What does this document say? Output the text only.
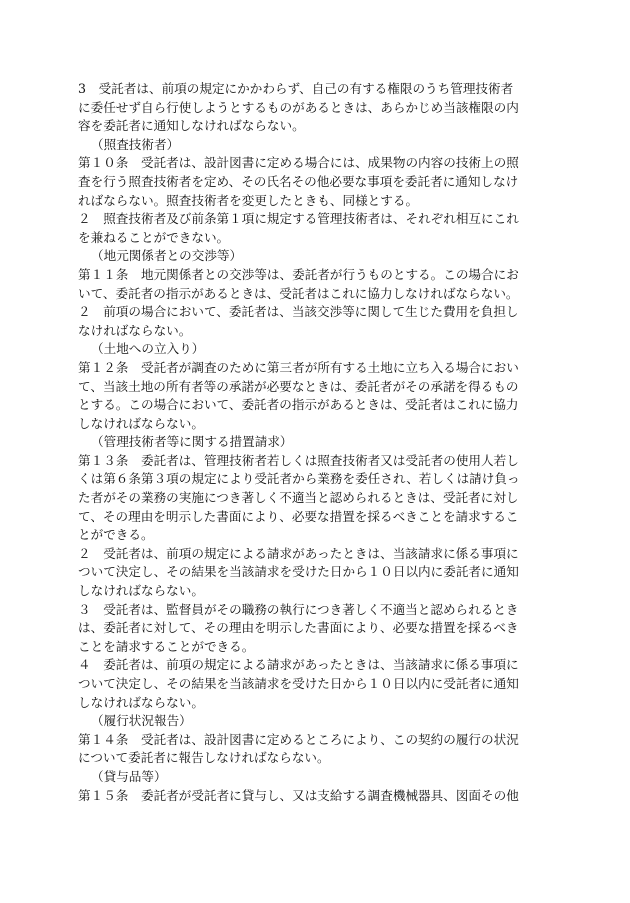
3　受託者は、前項の規定にかかわらず、自己の有する権限のうち管理技術者
に委任せず自ら行使しようとするものがあるときは、あらかじめ当該権限の内
容を委託者に通知しなければならない。

（照査技術者）

第１０条　受託者は、設計図書に定める場合には、成果物の内容の技術上の照
査を行う照査技術者を定め、その氏名その他必要な事項を委託者に通知しなけ
ればならない。照査技術者を変更したときも、同様とする。

２　照査技術者及び前条第１項に規定する管理技術者は、それぞれ相互にこれ
を兼ねることができない。

（地元関係者との交渉等）

第１１条　地元関係者との交渉等は、委託者が行うものとする。この場合にお
いて、委託者の指示があるときは、受託者はこれに協力しなければならない。

２　前項の場合において、委託者は、当該交渉等に関して生じた費用を負担し
なければならない。

（土地への立入り）

第１２条　受託者が調査のために第三者が所有する土地に立ち入る場合におい
て、当該土地の所有者等の承諾が必要なときは、委託者がその承諾を得るもの
とする。この場合において、委託者の指示があるときは、受託者はこれに協力
しなければならない。

（管理技術者等に関する措置請求）

第１３条　委託者は、管理技術者若しくは照査技術者又は受託者の使用人若し
くは第６条第３項の規定により受託者から業務を委任され、若しくは請け負っ
た者がその業務の実施につき著しく不適当と認められるときは、受託者に対し
て、その理由を明示した書面により、必要な措置を採るべきことを請求するこ
とができる。

２　受託者は、前項の規定による請求があったときは、当該請求に係る事項に
ついて決定し、その結果を当該請求を受けた日から１０日以内に委託者に通知
しなければならない。

３　受託者は、監督員がその職務の執行につき著しく不適当と認められるとき
は、委託者に対して、その理由を明示した書面により、必要な措置を採るべき
ことを請求することができる。

４　委託者は、前項の規定による請求があったときは、当該請求に係る事項に
ついて決定し、その結果を当該請求を受けた日から１０日以内に受託者に通知
しなければならない。

（履行状況報告）

第１４条　受託者は、設計図書に定めるところにより、この契約の履行の状況
について委託者に報告しなければならない。

（貸与品等）

第１５条　委託者が受託者に貸与し、又は支給する調査機械器具、図面その他
